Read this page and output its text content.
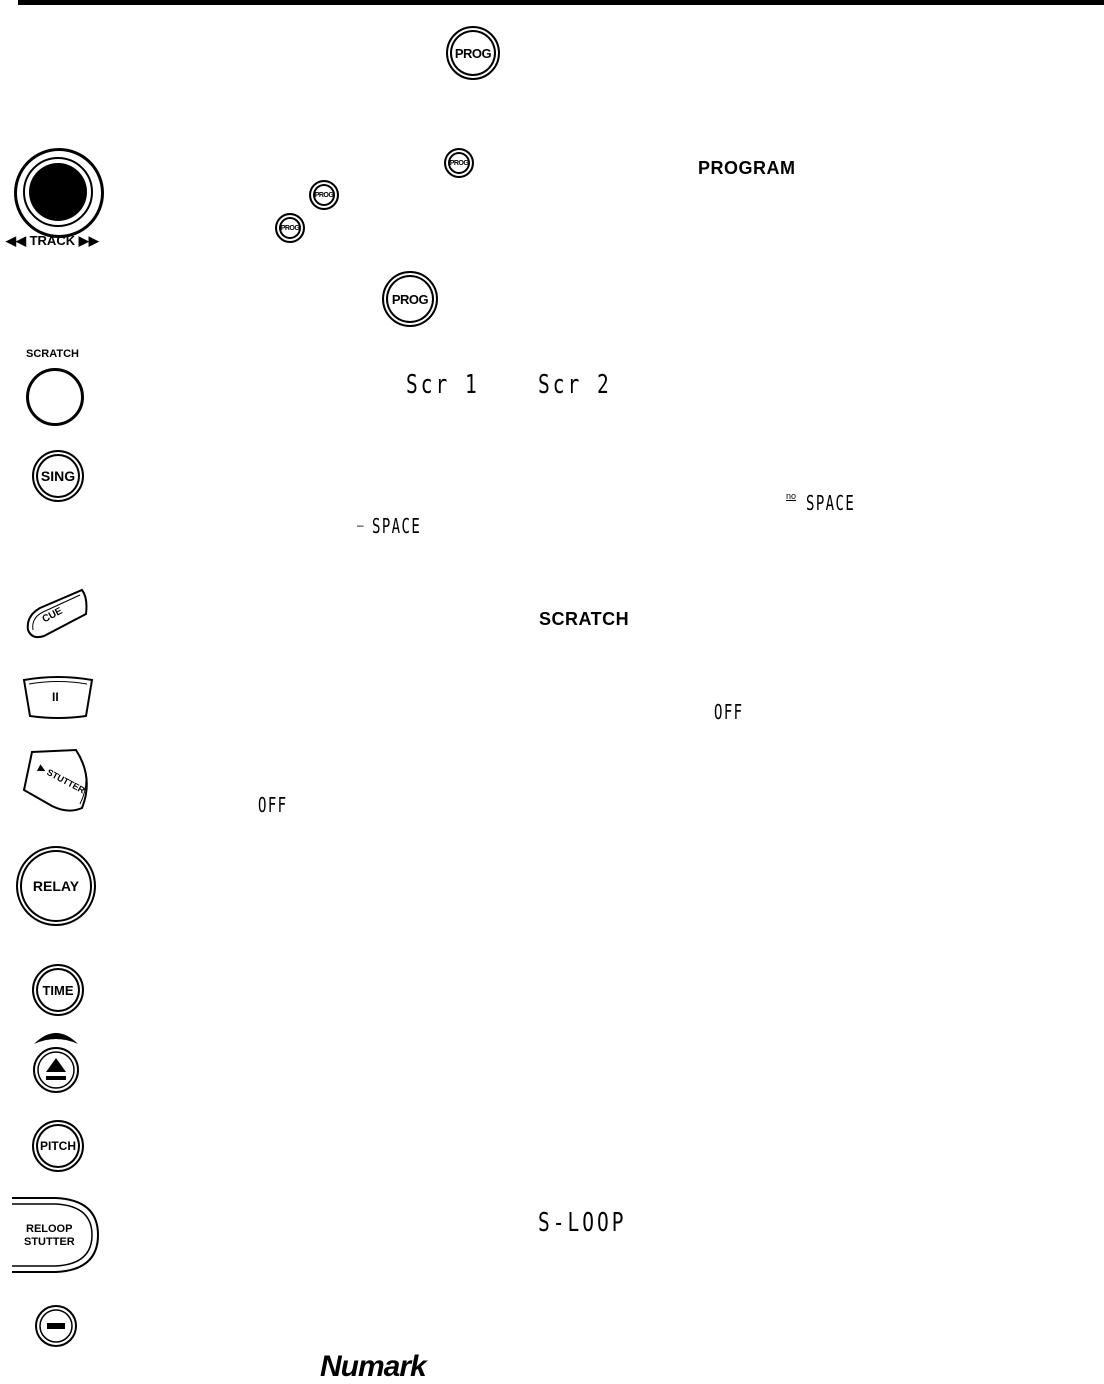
PROG
◀◀ TRACK ▶▶
PROG
PROG
PROG
PROGRAM
PROG
SCRATCH
Scr 1 Scr 2
SING
no SPACE
– SPACE
CUE	SCRATCH
II
OFF
▶ STUTTER
OFF
RELAY
TIME
PITCH
RELOOP
STUTTER
S-LOOP
Numark
